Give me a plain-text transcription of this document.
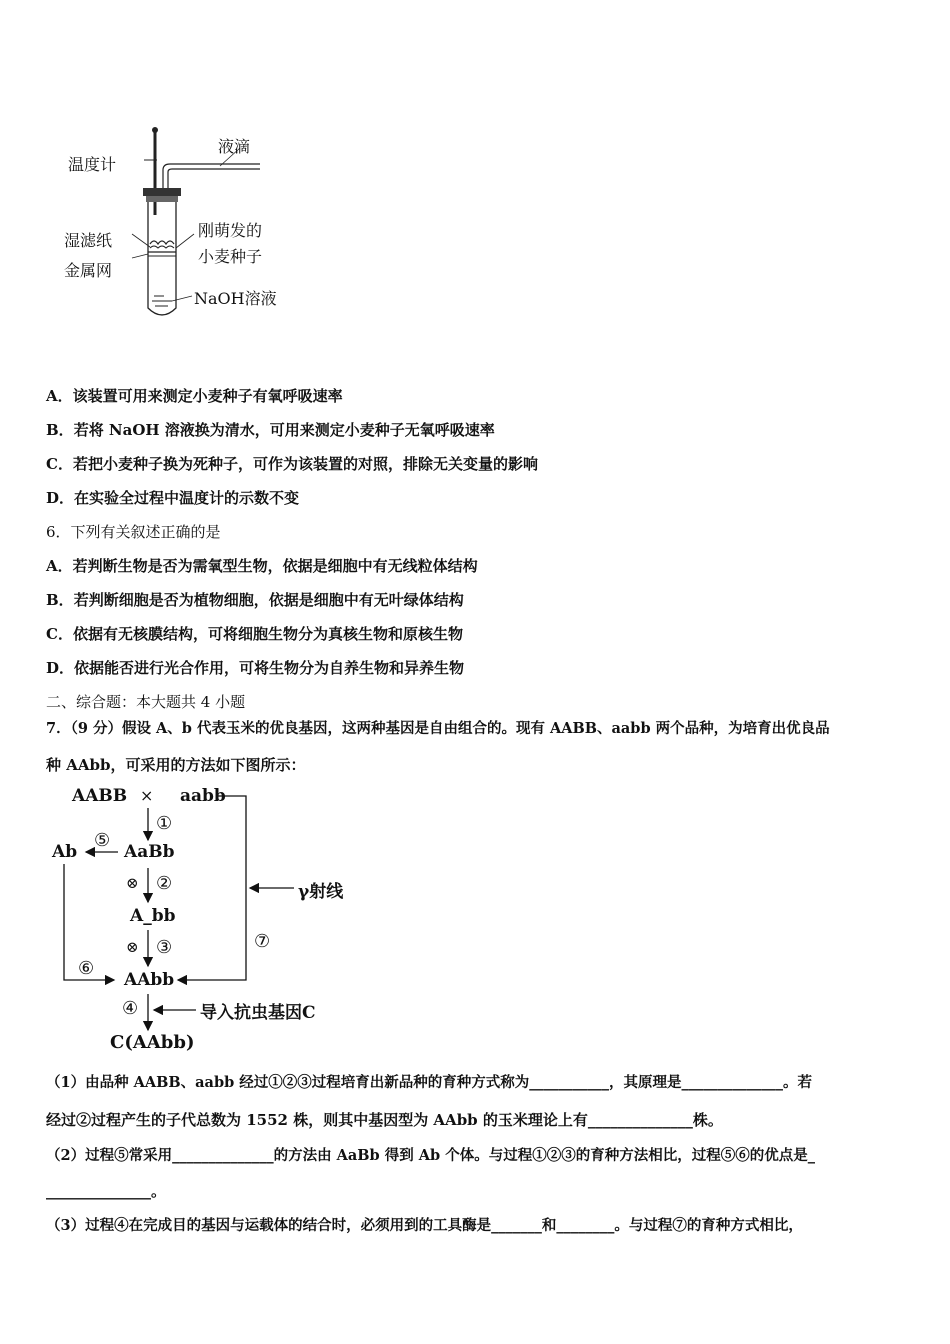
温度计
液滴
湿滤纸
金属网
刚萌发的
小麦种子
NaOH溶液
A．该装置可用来测定小麦种子有氧呼吸速率
B．若将 NaOH 溶液换为清水，可用来测定小麦种子无氧呼吸速率
C．若把小麦种子换为死种子，可作为该装置的对照，排除无关变量的影响
D．在实验全过程中温度计的示数不变
6．下列有关叙述正确的是
A．若判断生物是否为需氧型生物，依据是细胞中有无线粒体结构
B．若判断细胞是否为植物细胞，依据是细胞中有无叶绿体结构
C．依据有无核膜结构，可将细胞生物分为真核生物和原核生物
D．依据能否进行光合作用，可将生物分为自养生物和异养生物
二、综合题：本大题共 4 小题
7．（9 分）假设 A、b 代表玉米的优良基因，这两种基因是自由组合的。现有 AABB、aabb 两个品种，为培育出优良品
种 AAbb，可采用的方法如下图所示：
AABB × aabb
①
AaBb
⑤
Ab
⊗ ②
A_bb
γ射线
⊗ ③	⑦
⑥
AAbb
④	导入抗虫基因C
C(AAbb)
（1）由品种 AABB、aabb 经过①②③过程培育出新品种的育种方式称为___________，其原理是______________。若
经过②过程产生的子代总数为 1552 株，则其中基因型为 AAbb 的玉米理论上有______________株。
（2）过程⑤常采用______________的方法由 AaBb 得到 Ab 个体。与过程①②③的育种方法相比，过程⑤⑥的优点是_
______________。
（3）过程④在完成目的基因与运载体的结合时，必须用到的工具酶是_______和________。与过程⑦的育种方式相比，
